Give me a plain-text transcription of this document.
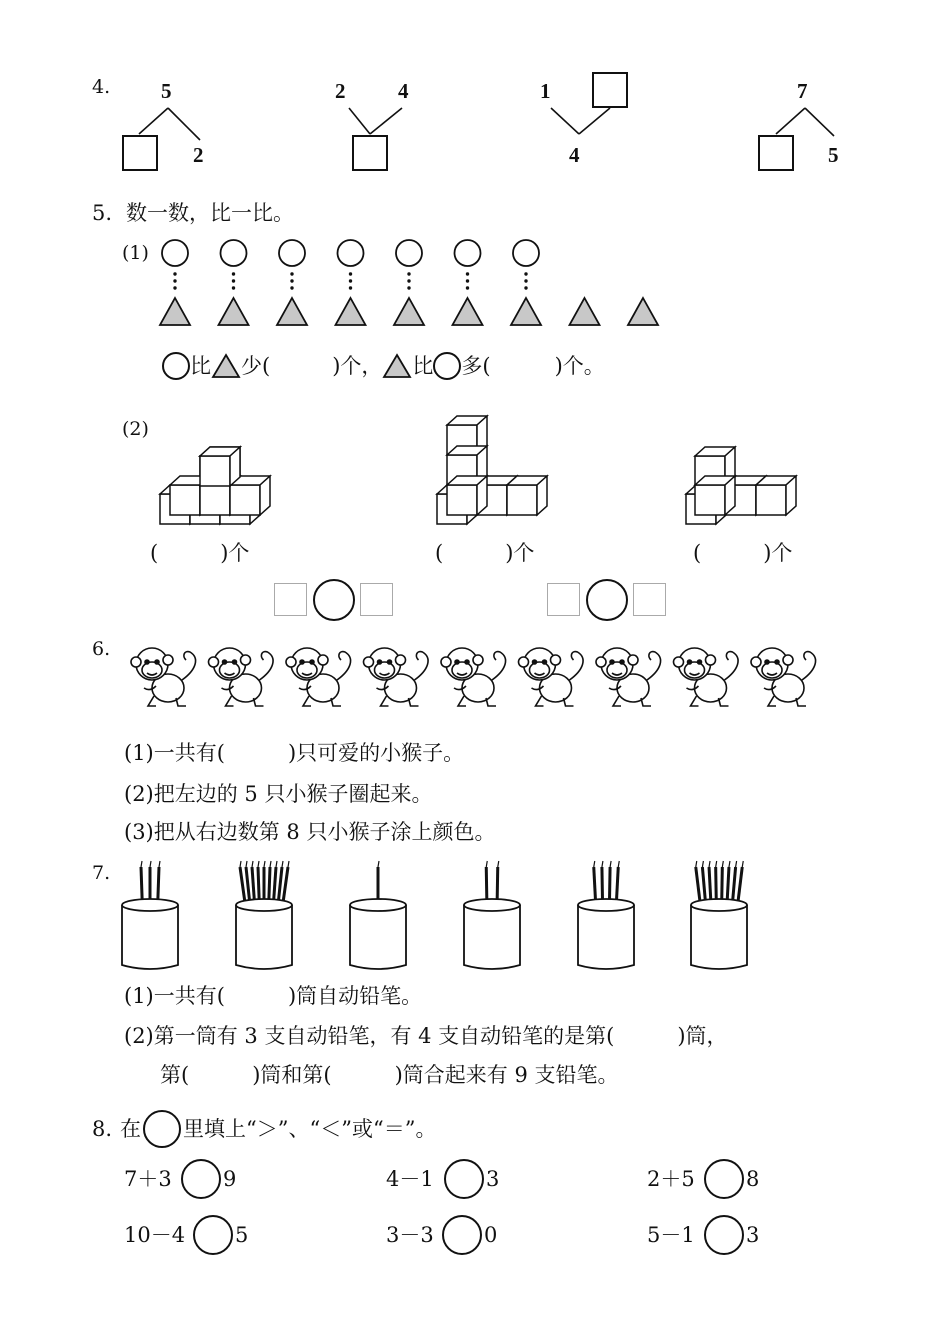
4. 5
2
2	4	1
4
7
5
5. 数一数，比一比。
(1)
比 少(	)个， 比 多(	)个。
(2)
(	)个	(	)个	(	)个
6.
(1)一共有(　　　)只可爱的小猴子。
(2)把左边的 5 只小猴子圈起来。
(3)把从右边数第 8 只小猴子涂上颜色。
7.
(1)一共有(　　　)筒自动铅笔。
(2)第一筒有 3 支自动铅笔，有 4 支自动铅笔的是第(　　　)筒，
第(　　　)筒和第(　　　)筒合起来有 9 支铅笔。
8. 在 里填上“＞”、“＜”或“＝”。
7＋3 9	4－1 3	2＋5 8
10－4 5	3－3 0	5－1 3
